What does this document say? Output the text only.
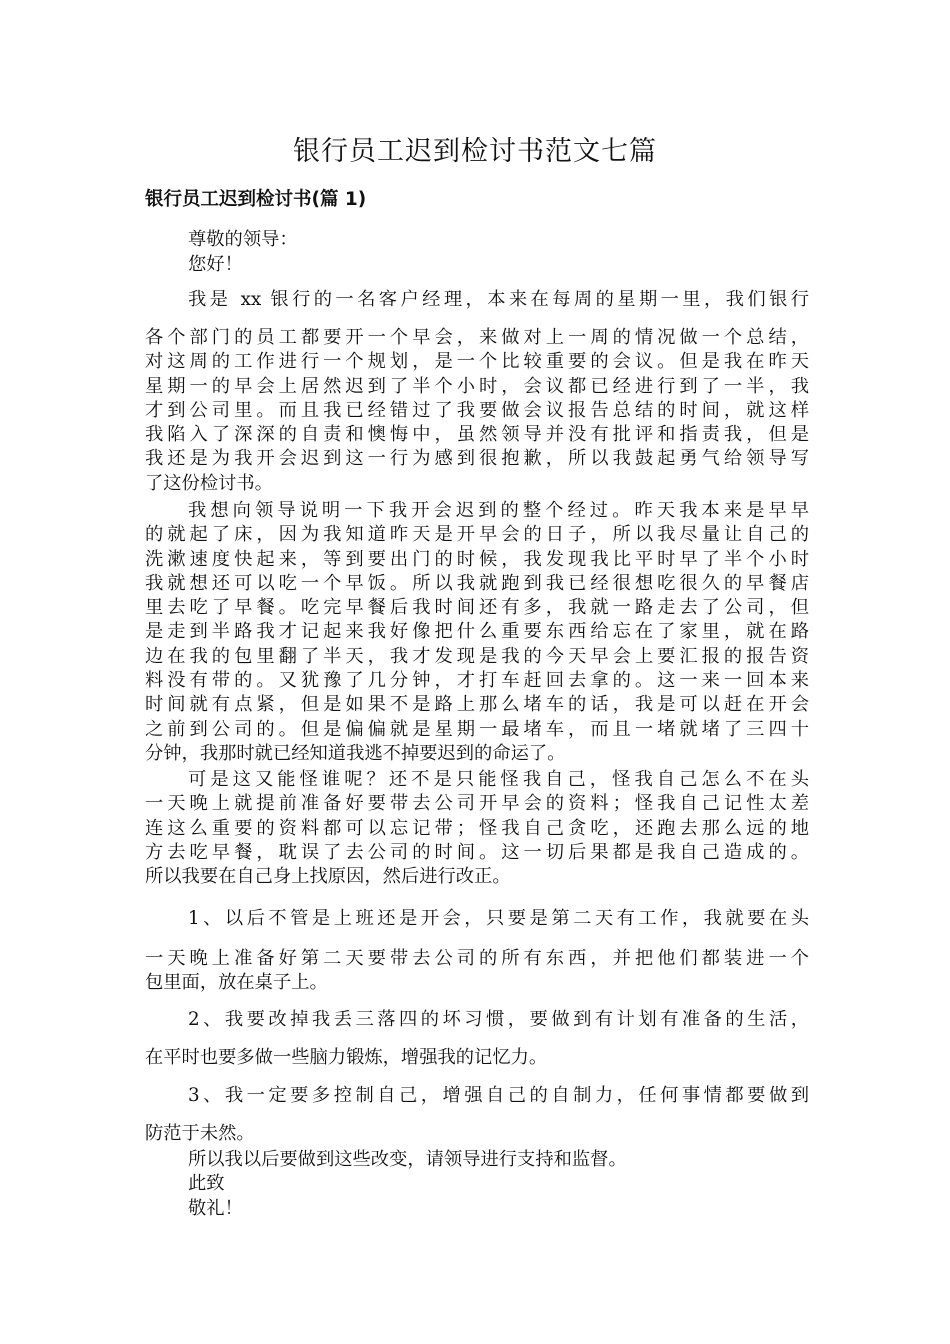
银行员工迟到检讨书范文七篇
银行员工迟到检讨书(篇 1)
尊敬的领导：
您好！
我是 xx 银行的一名客户经理，本来在每周的星期一里，我们银行
各个部门的员工都要开一个早会，来做对上一周的情况做一个总结，
对这周的工作进行一个规划，是一个比较重要的会议。但是我在昨天
星期一的早会上居然迟到了半个小时，会议都已经进行到了一半，我
才到公司里。而且我已经错过了我要做会议报告总结的时间，就这样
我陷入了深深的自责和懊悔中，虽然领导并没有批评和指责我，但是
我还是为我开会迟到这一行为感到很抱歉，所以我鼓起勇气给领导写
了这份检讨书。
我想向领导说明一下我开会迟到的整个经过。昨天我本来是早早
的就起了床，因为我知道昨天是开早会的日子，所以我尽量让自己的
洗漱速度快起来，等到要出门的时候，我发现我比平时早了半个小时
我就想还可以吃一个早饭。所以我就跑到我已经很想吃很久的早餐店
里去吃了早餐。吃完早餐后我时间还有多，我就一路走去了公司，但
是走到半路我才记起来我好像把什么重要东西给忘在了家里，就在路
边在我的包里翻了半天，我才发现是我的今天早会上要汇报的报告资
料没有带的。又犹豫了几分钟，才打车赶回去拿的。这一来一回本来
时间就有点紧，但是如果不是路上那么堵车的话，我是可以赶在开会
之前到公司的。但是偏偏就是星期一最堵车，而且一堵就堵了三四十
分钟，我那时就已经知道我逃不掉要迟到的命运了。
可是这又能怪谁呢？还不是只能怪我自己，怪我自己怎么不在头
一天晚上就提前准备好要带去公司开早会的资料；怪我自己记性太差
连这么重要的资料都可以忘记带；怪我自己贪吃，还跑去那么远的地
方去吃早餐，耽误了去公司的时间。这一切后果都是我自己造成的。
所以我要在自己身上找原因，然后进行改正。
1、以后不管是上班还是开会，只要是第二天有工作，我就要在头
一天晚上准备好第二天要带去公司的所有东西，并把他们都装进一个
包里面，放在桌子上。
2、我要改掉我丢三落四的坏习惯，要做到有计划有准备的生活，
在平时也要多做一些脑力锻炼，增强我的记忆力。
3、我一定要多控制自己，增强自己的自制力，任何事情都要做到
防范于未然。
所以我以后要做到这些改变，请领导进行支持和监督。
此致
敬礼！
